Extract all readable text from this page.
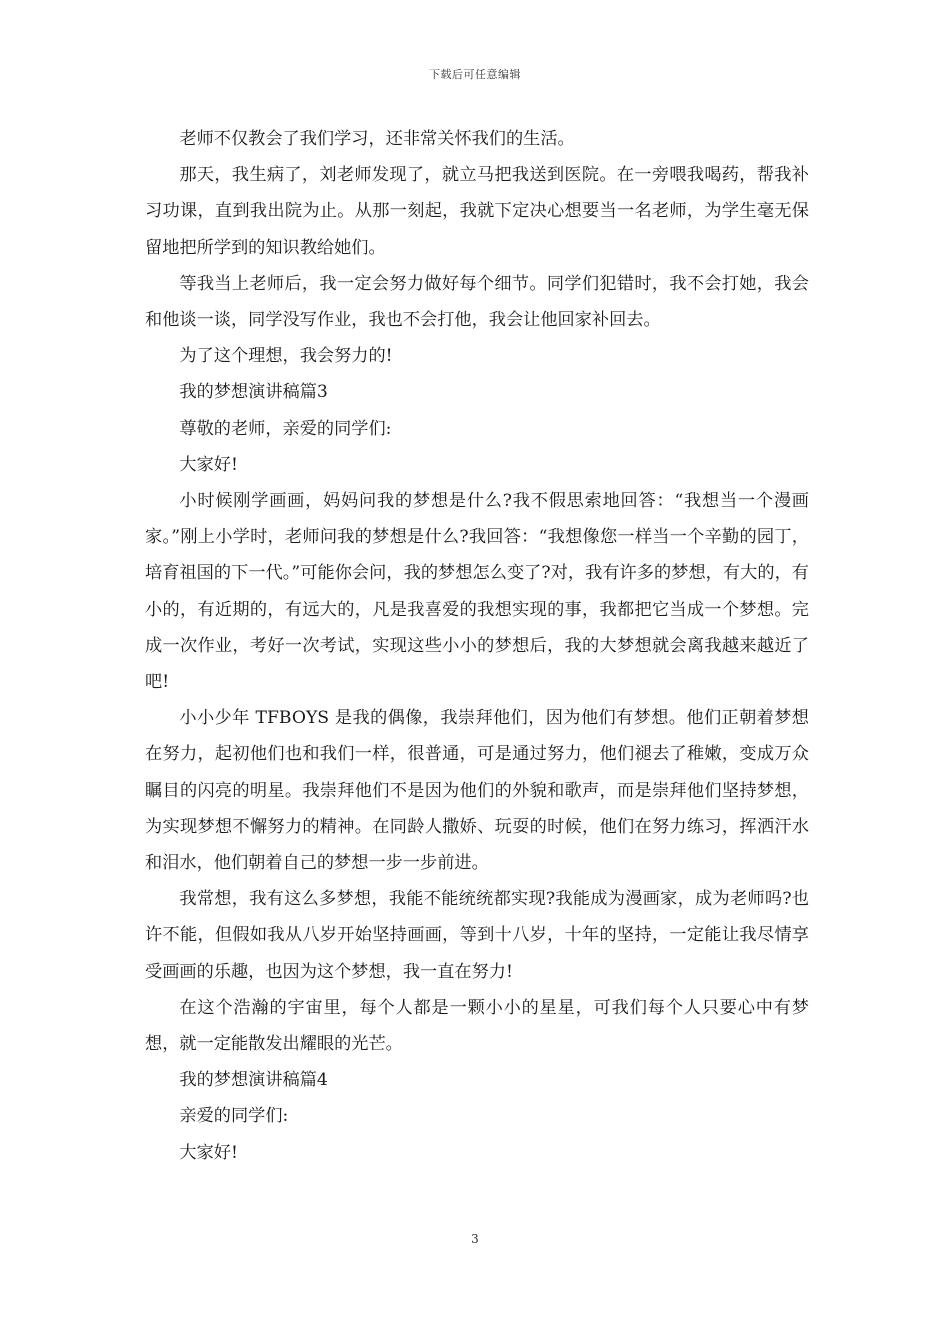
下载后可任意编辑

老师不仅教会了我们学习，还非常关怀我们的生活。

那天，我生病了，刘老师发现了，就立马把我送到医院。在一旁喂我喝药，帮我补习功课，直到我出院为止。从那一刻起，我就下定决心想要当一名老师，为学生毫无保留地把所学到的知识教给她们。

等我当上老师后，我一定会努力做好每个细节。同学们犯错时，我不会打她，我会和他谈一谈，同学没写作业，我也不会打他，我会让他回家补回去。

为了这个理想，我会努力的!

我的梦想演讲稿篇3

尊敬的老师，亲爱的同学们:

大家好!

小时候刚学画画，妈妈问我的梦想是什么?我不假思索地回答：“我想当一个漫画家。”刚上小学时，老师问我的梦想是什么?我回答：“我想像您一样当一个辛勤的园丁，培育祖国的下一代。”可能你会问，我的梦想怎么变了?对，我有许多的梦想，有大的，有小的，有近期的，有远大的，凡是我喜爱的我想实现的事，我都把它当成一个梦想。完成一次作业，考好一次考试，实现这些小小的梦想后，我的大梦想就会离我越来越近了吧!

小小少年 TFBOYS 是我的偶像，我崇拜他们，因为他们有梦想。他们正朝着梦想在努力，起初他们也和我们一样，很普通，可是通过努力，他们褪去了稚嫩，变成万众瞩目的闪亮的明星。我崇拜他们不是因为他们的外貌和歌声，而是崇拜他们坚持梦想，为实现梦想不懈努力的精神。在同龄人撒娇、玩耍的时候，他们在努力练习，挥洒汗水和泪水，他们朝着自己的梦想一步一步前进。

我常想，我有这么多梦想，我能不能统统都实现?我能成为漫画家，成为老师吗?也许不能，但假如我从八岁开始坚持画画，等到十八岁，十年的坚持，一定能让我尽情享受画画的乐趣，也因为这个梦想，我一直在努力!

在这个浩瀚的宇宙里，每个人都是一颗小小的星星，可我们每个人只要心中有梦想，就一定能散发出耀眼的光芒。

我的梦想演讲稿篇4

亲爱的同学们:

大家好!

3
